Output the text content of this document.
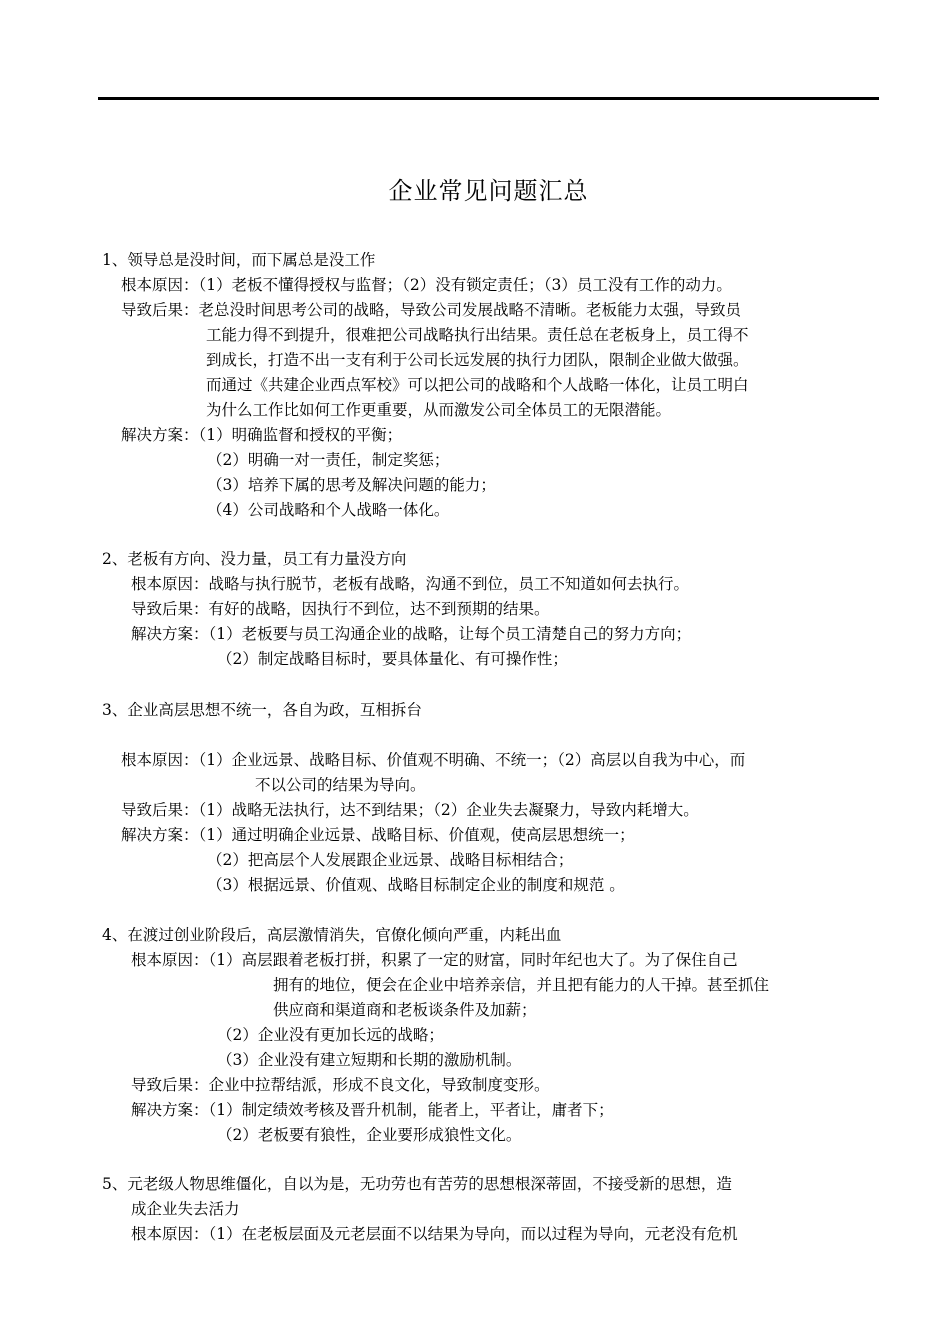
企业常见问题汇总
1、领导总是没时间，而下属总是没工作
根本原因：（1）老板不懂得授权与监督；（2）没有锁定责任；（3）员工没有工作的动力。
导致后果：老总没时间思考公司的战略，导致公司发展战略不清晰。老板能力太强，导致员
工能力得不到提升，很难把公司战略执行出结果。责任总在老板身上，员工得不
到成长，打造不出一支有利于公司长远发展的执行力团队，限制企业做大做强。
而通过《共建企业西点军校》可以把公司的战略和个人战略一体化，让员工明白
为什么工作比如何工作更重要，从而激发公司全体员工的无限潜能。
解决方案：（1）明确监督和授权的平衡；
（2）明确一对一责任，制定奖惩；
（3）培养下属的思考及解决问题的能力；
（4）公司战略和个人战略一体化。
2、老板有方向、没力量，员工有力量没方向
根本原因：战略与执行脱节，老板有战略，沟通不到位，员工不知道如何去执行。
导致后果：有好的战略，因执行不到位，达不到预期的结果。
解决方案：（1）老板要与员工沟通企业的战略，让每个员工清楚自己的努力方向；
（2）制定战略目标时，要具体量化、有可操作性；
3、企业高层思想不统一，各自为政，互相拆台
根本原因：（1）企业远景、战略目标、价值观不明确、不统一；（2）高层以自我为中心，而
不以公司的结果为导向。
导致后果：（1）战略无法执行，达不到结果；（2）企业失去凝聚力，导致内耗增大。
解决方案：（1）通过明确企业远景、战略目标、价值观，使高层思想统一；
（2）把高层个人发展跟企业远景、战略目标相结合；
（3）根据远景、价值观、战略目标制定企业的制度和规范 。
4、在渡过创业阶段后，高层激情消失，官僚化倾向严重，内耗出血
根本原因：（1）高层跟着老板打拼，积累了一定的财富，同时年纪也大了。为了保住自己
拥有的地位，便会在企业中培养亲信，并且把有能力的人干掉。甚至抓住
供应商和渠道商和老板谈条件及加薪；
（2）企业没有更加长远的战略；
（3）企业没有建立短期和长期的激励机制。
导致后果：企业中拉帮结派，形成不良文化，导致制度变形。
解决方案：（1）制定绩效考核及晋升机制，能者上，平者让，庸者下；
（2）老板要有狼性，企业要形成狼性文化。
5、元老级人物思维僵化，自以为是，无功劳也有苦劳的思想根深蒂固，不接受新的思想，造
成企业失去活力
根本原因：（1）在老板层面及元老层面不以结果为导向，而以过程为导向，元老没有危机
